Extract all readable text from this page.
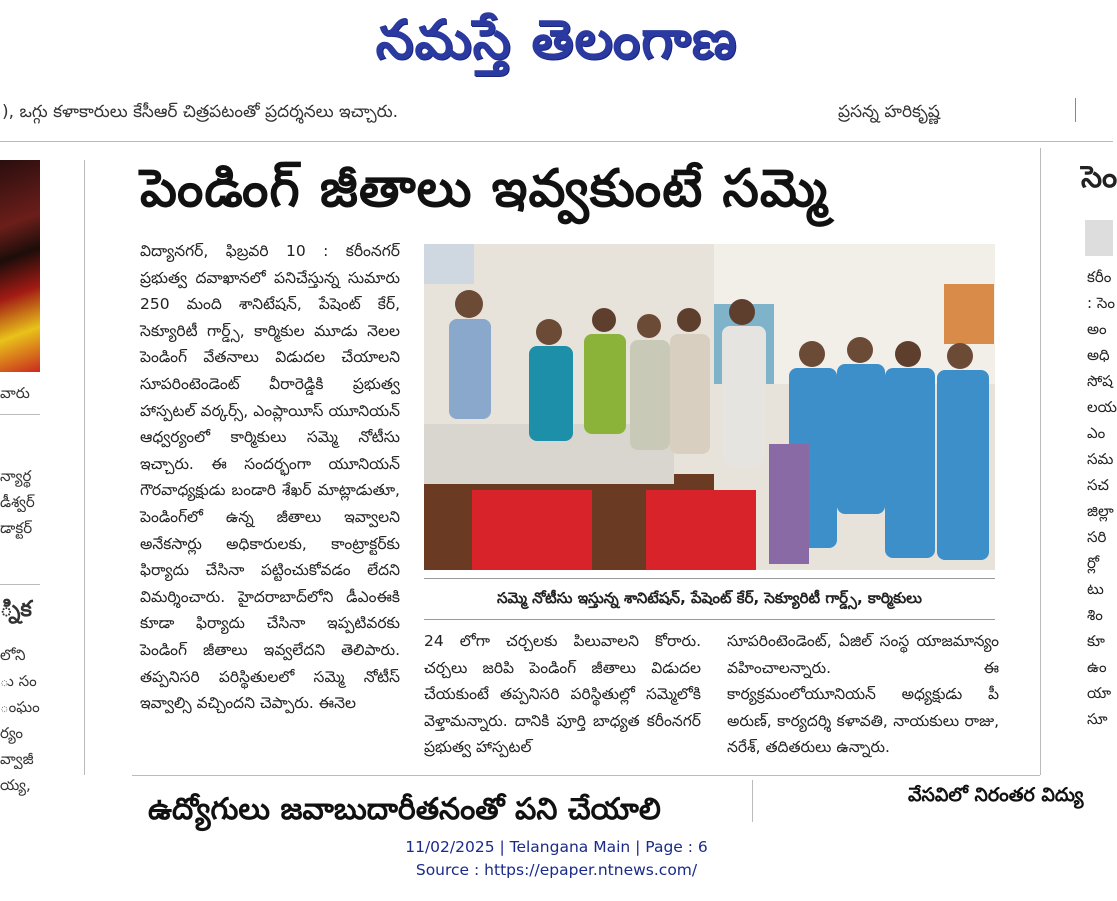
నమస్తే తెలంగాణ
), ఒగ్గు కళాకారులు కేసీఆర్ చిత్రపటంతో ప్రదర్శనలు ఇచ్చారు.	ప్రసన్న హరికృష్ణ
వారు
న్యార్థ
డీశ్వర్
డాక్టర్
్నిక
లోని
ు సం
ంఘం
ర్యం
వ్వాజీ
య్య,
పెండింగ్ జీతాలు ఇవ్వకుంటే సమ్మె
విద్యానగర్, ఫిబ్రవరి 10 : కరీంనగర్ ప్రభుత్వ దవాఖానలో పనిచేస్తున్న సుమారు 250 మంది శానిటేషన్, పేషెంట్ కేర్, సెక్యూరిటీ గార్డ్స్, కార్మికుల మూడు నెలల పెండింగ్ వేతనాలు విడుదల చేయాలని సూపరింటెండెంట్ వీరారెడ్డికి ప్రభుత్వ హాస్పటల్ వర్కర్స్, ఎంప్లాయీస్ యూనియన్ ఆధ్వర్యంలో కార్మికులు సమ్మె నోటీసు ఇచ్చారు. ఈ సందర్భంగా యూనియన్ గౌరవాధ్యక్షుడు బండారి శేఖర్ మాట్లాడుతూ, పెండింగ్‌లో ఉన్న జీతాలు ఇవ్వాలని అనేకసార్లు అధికారులకు, కాంట్రాక్టర్‌కు ఫిర్యాదు చేసినా పట్టించుకోవడం లేదని విమర్శించారు. హైదరాబాద్‌లోని డీఎంఈకి కూడా ఫిర్యాదు చేసినా ఇప్పటివరకు పెండింగ్ జీతాలు ఇవ్వలేదని తెలిపారు. తప్పనిసరి పరిస్థితులలో సమ్మె నోటీస్ ఇవ్వాల్సి వచ్చిందని చెప్పారు. ఈనెల
సమ్మె నోటీసు ఇస్తున్న శానిటేషన్, పేషెంట్ కేర్, సెక్యూరిటీ గార్డ్స్, కార్మికులు
24 లోగా చర్చలకు పిలువాలని కోరారు. చర్చలు జరిపి పెండింగ్ జీతాలు విడుదల చేయకుంటే తప్పనిసరి పరిస్థితుల్లో సమ్మెలోకి వెళ్తామన్నారు. దానికి పూర్తి బాధ్యత కరీంనగర్ ప్రభుత్వ హాస్పటల్
సూపరింటెండెంట్, ఏజిల్ సంస్థ యాజమాన్యం వహించాలన్నారు. ఈ కార్యక్రమంలోయూనియన్ అధ్యక్షుడు పీ అరుణ్, కార్యదర్శి కళావతి, నాయకులు రాజు, నరేశ్, తదితరులు ఉన్నారు.
సెం
కరీం
: సెం
అం
అధి
సోష
లయ
ఎం
సమ
సచ
జిల్లా
సరి
ర్లో
టు
శిం
కూ
ఉం
యా
సూ
ఉద్యోగులు జవాబుదారీతనంతో పని చేయాలి	వేసవిలో నిరంతర విద్యు
11/02/2025 | Telangana Main | Page : 6
Source : https://epaper.ntnews.com/
